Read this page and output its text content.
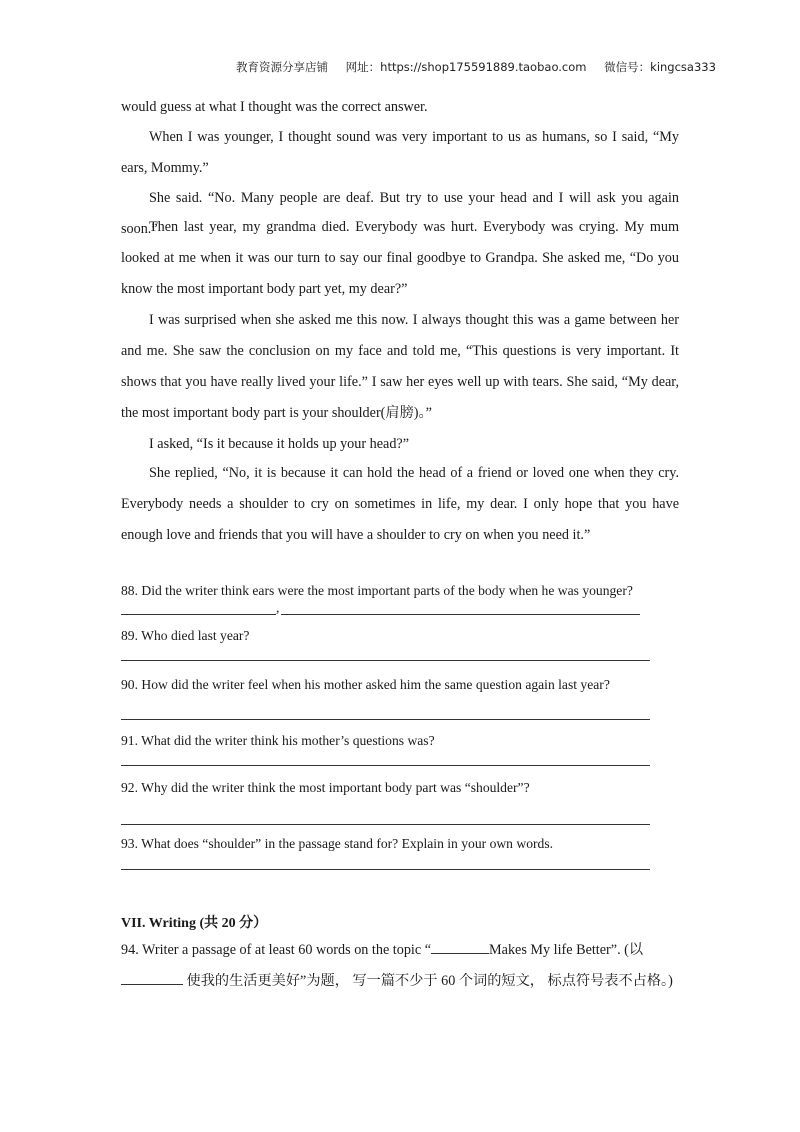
教育资源分享店铺 网址：https://shop175591889.taobao.com 微信号：kingcsa333

would guess at what I thought was the correct answer.

When I was younger, I thought sound was very important to us as humans, so I said, “My ears, Mommy.”

She said. “No. Many people are deaf. But try to use your head and I will ask you again soon.”

Then last year, my grandma died. Everybody was hurt. Everybody was crying. My mum looked at me when it was our turn to say our final goodbye to Grandpa. She asked me, “Do you know the most important body part yet, my dear?”

I was surprised when she asked me this now. I always thought this was a game between her and me. She saw the conclusion on my face and told me, “This questions is very important. It shows that you have really lived your life.” I saw her eyes well up with tears. She said, “My dear, the most important body part is your shoulder(肩膀)。”

I asked, “Is it because it holds up your head?”

She replied, “No, it is because it can hold the head of a friend or loved one when they cry. Everybody needs a shoulder to cry on sometimes in life, my dear. I only hope that you have enough love and friends that you will have a shoulder to cry on when you need it.”

88. Did the writer think ears were the most important parts of the body when he was younger?

,

89. Who died last year?

90. How did the writer feel when his mother asked him the same question again last year?

91. What did the writer think his mother’s questions was?

92. Why did the writer think the most important body part was “shoulder”?

93. What does “shoulder” in the passage stand for? Explain in your own words.

VII. Writing (共 20 分）

94. Writer a passage of at least 60 words on the topic “	Makes My life Better”. (以 使我的生活更美好”为题， 写一篇不少于 60 个词的短文， 标点符号表不占格。)
